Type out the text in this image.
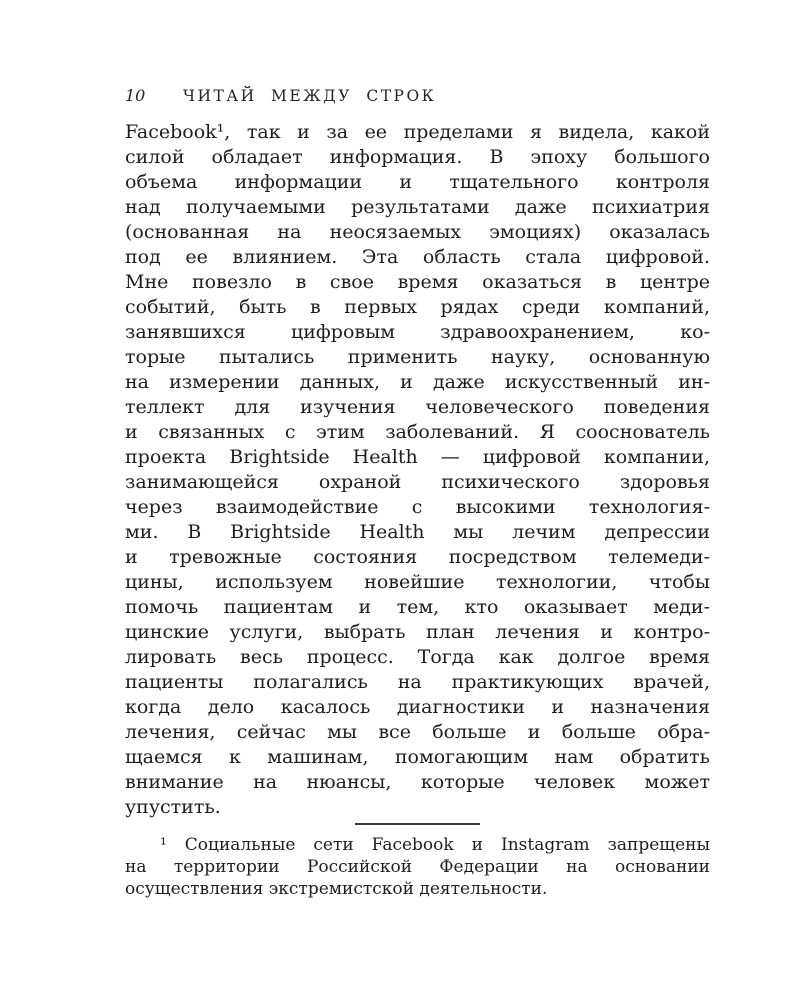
10 ЧИТАЙ МЕЖДУ СТРОК
Facebook¹, так и за ее пределами я видела, какой
силой обладает информация. В эпоху большого
объема информации и тщательного контроля
над получаемыми результатами даже психиатрия
(основанная на неосязаемых эмоциях) оказалась
под ее влиянием. Эта область стала цифровой.
Мне повезло в свое время оказаться в центре
событий, быть в первых рядах среди компаний,
занявшихся цифровым здравоохранением, ко-
торые пытались применить науку, основанную
на измерении данных, и даже искусственный ин-
теллект для изучения человеческого поведения
и связанных с этим заболеваний. Я сооснователь
проекта Brightside Health — цифровой компании,
занимающейся охраной психического здоровья
через взаимодействие с высокими технология-
ми. В Brightside Health мы лечим депрессии
и тревожные состояния посредством телемеди-
цины, используем новейшие технологии, чтобы
помочь пациентам и тем, кто оказывает меди-
цинские услуги, выбрать план лечения и контро-
лировать весь процесс. Тогда как долгое время
пациенты полагались на практикующих врачей,
когда дело касалось диагностики и назначения
лечения, сейчас мы все больше и больше обра-
щаемся к машинам, помогающим нам обратить
внимание на нюансы, которые человек может
упустить.
¹ Социальные сети Facebook и Instagram запрещены
на территории Российской Федерации на основании
осуществления экстремистской деятельности.
